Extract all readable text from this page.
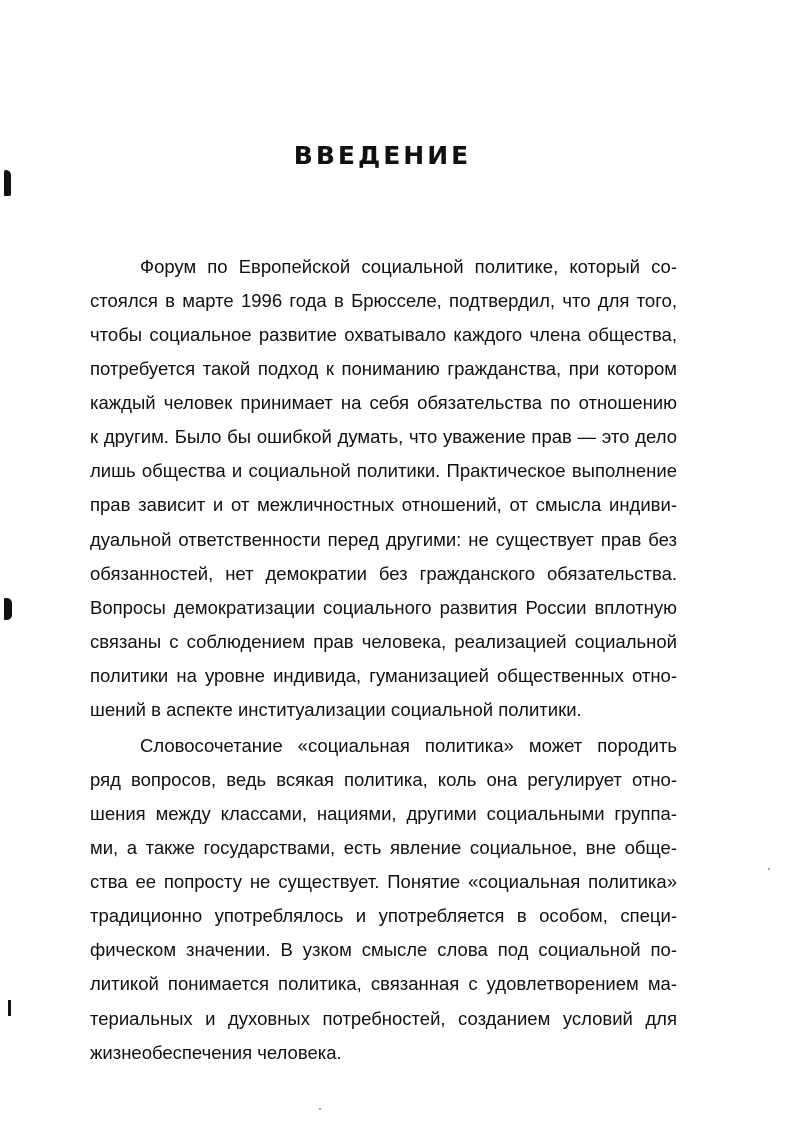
ВВЕДЕНИЕ
Форум по Европейской социальной политике, который со-
стоялся в марте 1996 года в Брюсселе, подтвердил, что для того,
чтобы социальное развитие охватывало каждого члена общества,
потребуется такой подход к пониманию гражданства, при котором
каждый человек принимает на себя обязательства по отношению
к другим. Было бы ошибкой думать, что уважение прав — это дело
лишь общества и социальной политики. Практическое выполнение
прав зависит и от межличностных отношений, от смысла индиви-
дуальной ответственности перед другими: не существует прав без
обязанностей, нет демократии без гражданского обязательства.
Вопросы демократизации социального развития России вплотную
связаны с соблюдением прав человека, реализацией социальной
политики на уровне индивида, гуманизацией общественных отно-
шений в аспекте институализации социальной политики.
Словосочетание «социальная политика» может породить
ряд вопросов, ведь всякая политика, коль она регулирует отно-
шения между классами, нациями, другими социальными группа-
ми, а также государствами, есть явление социальное, вне обще-
ства ее попросту не существует. Понятие «социальная политика»
традиционно употреблялось и употребляется в особом, специ-
фическом значении. В узком смысле слова под социальной по-
литикой понимается политика, связанная с удовлетворением ма-
териальных и духовных потребностей, созданием условий для
жизнеобеспечения человека.
